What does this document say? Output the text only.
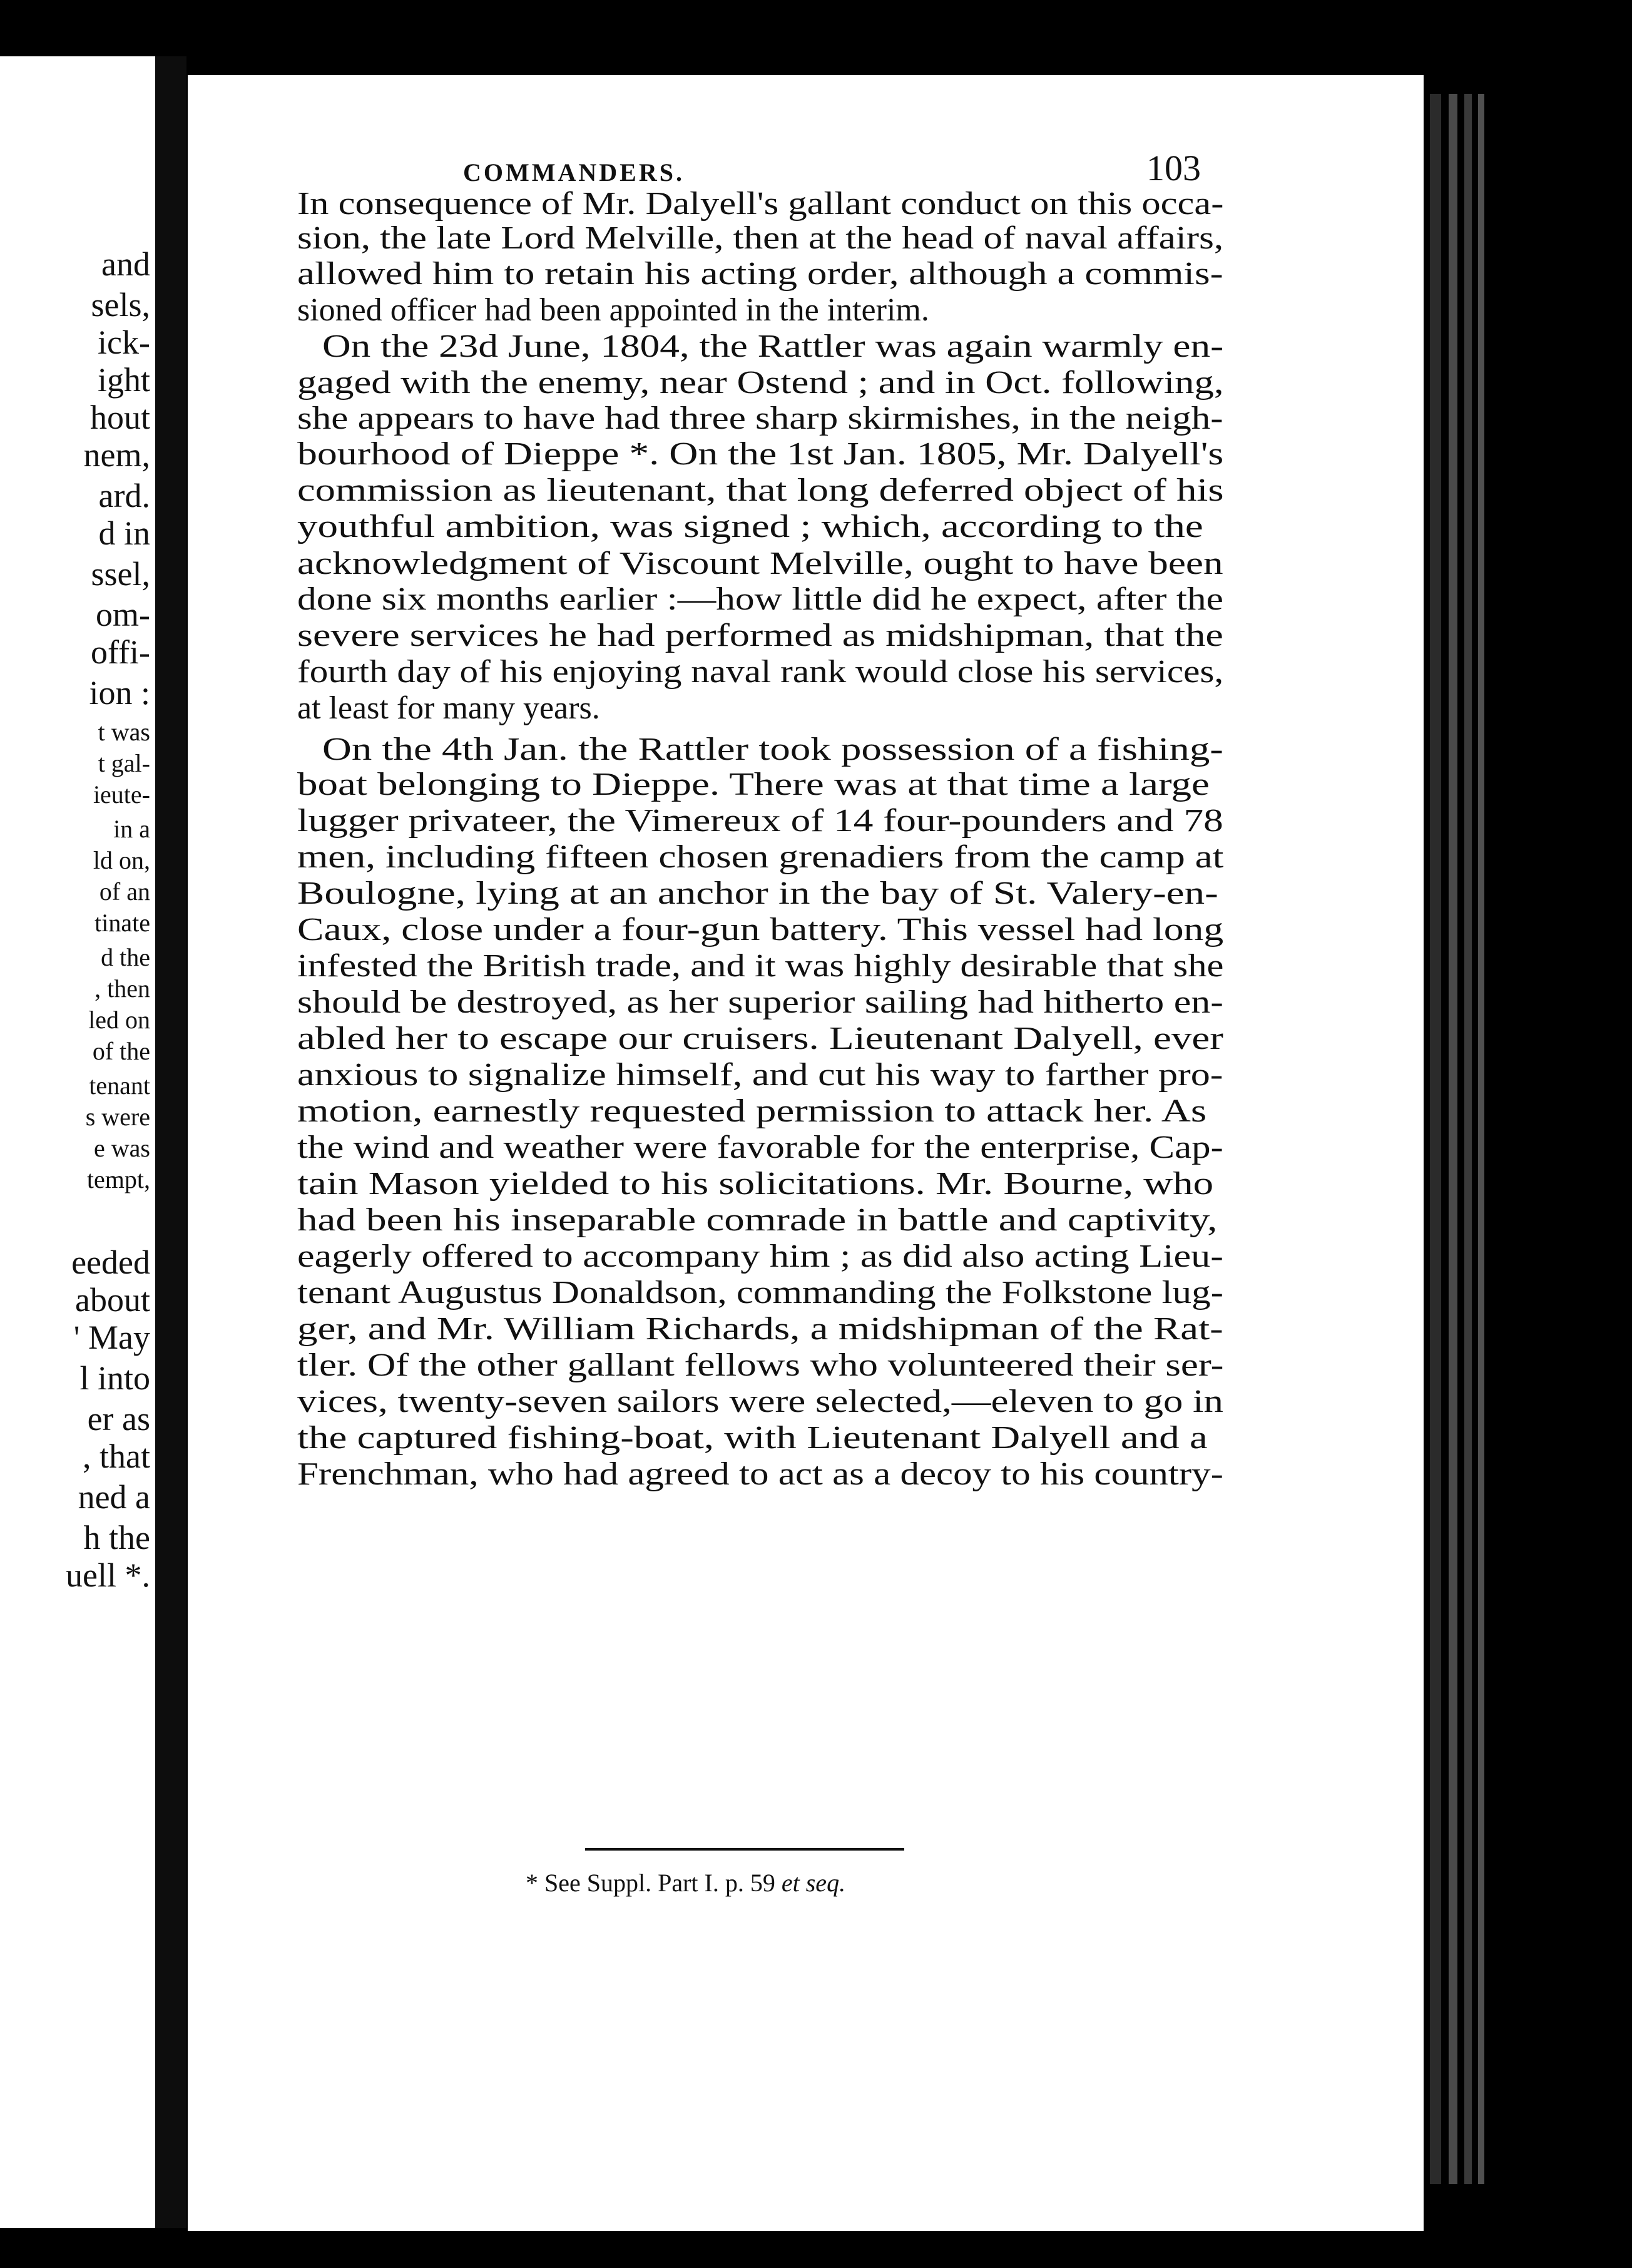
and
sels,
ick-
ight
hout
nem,
ard.
d in
ssel,
om-
offi-
ion :
t was
t gal-
ieute-
in a
ld on,
of an
tinate
d the
, then
led on
of the
tenant
s were
e was
tempt,
eeded
about
' May
l into
er as
, that
ned a
h the
uell *.
COMMANDERS.	103
In consequence of Mr. Dalyell's gallant conduct on this occa-
sion, the late Lord Melville, then at the head of naval affairs,
allowed him to retain his acting order, although a commis-
sioned officer had been appointed in the interim.
On the 23d June, 1804, the Rattler was again warmly en-
gaged with the enemy, near Ostend ; and in Oct. following,
she appears to have had three sharp skirmishes, in the neigh-
bourhood of Dieppe *. On the 1st Jan. 1805, Mr. Dalyell's
commission as lieutenant, that long deferred object of his
youthful ambition, was signed ; which, according to the
acknowledgment of Viscount Melville, ought to have been
done six months earlier :—how little did he expect, after the
severe services he had performed as midshipman, that the
fourth day of his enjoying naval rank would close his services,
at least for many years.
On the 4th Jan. the Rattler took possession of a fishing-
boat belonging to Dieppe. There was at that time a large
lugger privateer, the Vimereux of 14 four-pounders and 78
men, including fifteen chosen grenadiers from the camp at
Boulogne, lying at an anchor in the bay of St. Valery-en-
Caux, close under a four-gun battery. This vessel had long
infested the British trade, and it was highly desirable that she
should be destroyed, as her superior sailing had hitherto en-
abled her to escape our cruisers. Lieutenant Dalyell, ever
anxious to signalize himself, and cut his way to farther pro-
motion, earnestly requested permission to attack her. As
the wind and weather were favorable for the enterprise, Cap-
tain Mason yielded to his solicitations. Mr. Bourne, who
had been his inseparable comrade in battle and captivity,
eagerly offered to accompany him ; as did also acting Lieu-
tenant Augustus Donaldson, commanding the Folkstone lug-
ger, and Mr. William Richards, a midshipman of the Rat-
tler. Of the other gallant fellows who volunteered their ser-
vices, twenty-seven sailors were selected,—eleven to go in
the captured fishing-boat, with Lieutenant Dalyell and a
Frenchman, who had agreed to act as a decoy to his country-
* See Suppl. Part I. p. 59 et seq.
